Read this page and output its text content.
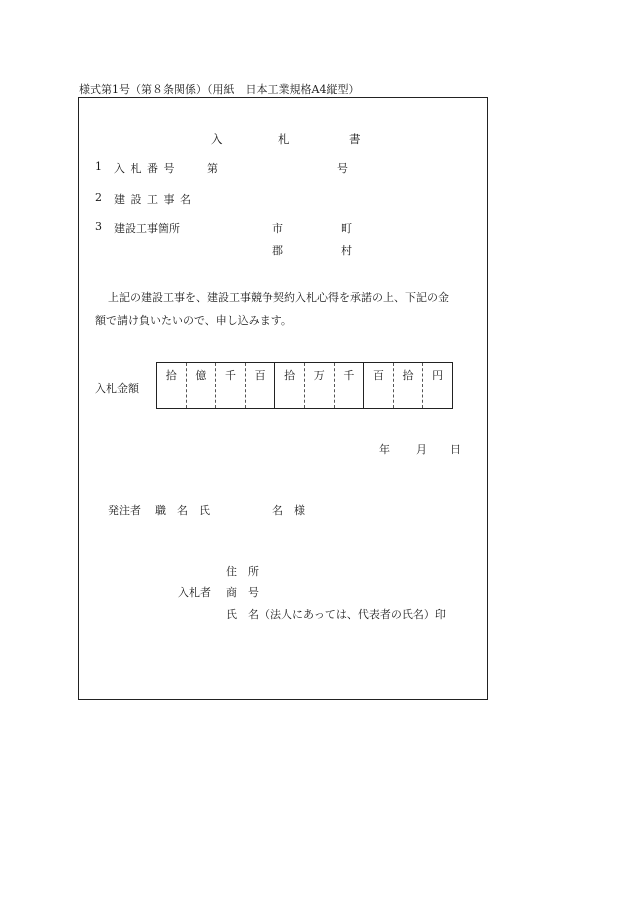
様式第1号（第８条関係）（用紙　日本工業規格A4縦型）
入	札	書
1 入 札 番 号	第	号
2 建 設 工 事 名
3 建設工事箇所	市	町
郡	村
上記の建設工事を、建設工事競争契約入札心得を承諾の上、下記の金
額で請け負いたいので、申し込みます。
入札金額
拾	億	千	百	拾	万	千	百	拾	円
年 月 日
発注者 職　名　氏	名　様
住　所
入札者 商　号
氏　名（法人にあっては、代表者の氏名）印
